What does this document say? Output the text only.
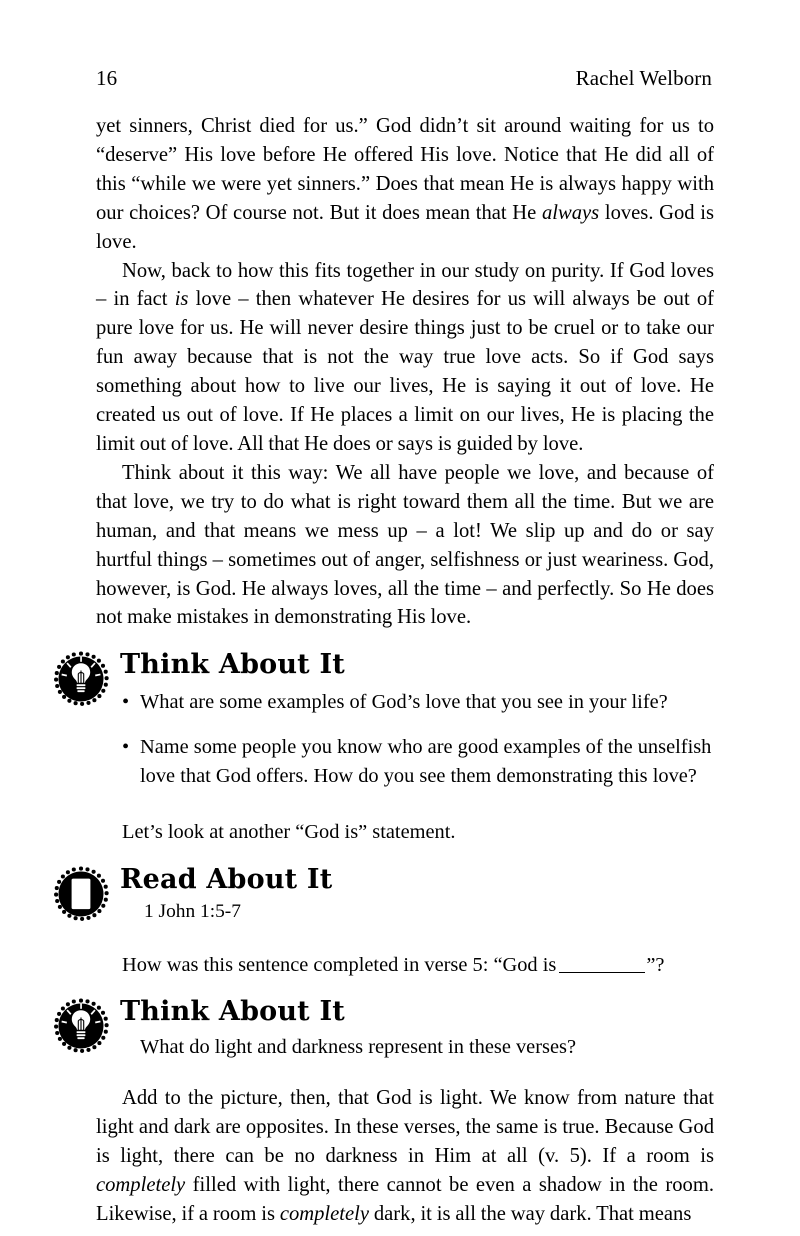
16	Rachel Welborn

yet sinners, Christ died for us.” God didn’t sit around waiting for us to “deserve” His love before He offered His love. Notice that He did all of this “while we were yet sinners.” Does that mean He is always happy with our choices? Of course not. But it does mean that He always loves. God is love.

Now, back to how this fits together in our study on purity. If God loves – in fact is love – then whatever He desires for us will always be out of pure love for us. He will never desire things just to be cruel or to take our fun away because that is not the way true love acts. So if God says something about how to live our lives, He is saying it out of love. He created us out of love. If He places a limit on our lives, He is placing the limit out of love. All that He does or says is guided by love.

Think about it this way: We all have people we love, and because of that love, we try to do what is right toward them all the time. But we are human, and that means we mess up – a lot! We slip up and do or say hurtful things – sometimes out of anger, selfishness or just weariness. God, however, is God. He always loves, all the time – and perfectly. So He does not make mistakes in demonstrating His love.

Think About It
• What are some examples of God’s love that you see in your life?
• Name some people you know who are good examples of the unselfish love that God offers. How do you see them demonstrating this love?

Let’s look at another “God is” statement.

Read About It

1 John 1:5-7

How was this sentence completed in verse 5: “God is	”?

Think About It

What do light and darkness represent in these verses?

Add to the picture, then, that God is light. We know from nature that light and dark are opposites. In these verses, the same is true. Because God is light, there can be no darkness in Him at all (v. 5). If a room is completely filled with light, there cannot be even a shadow in the room. Likewise, if a room is completely dark, it is all the way dark. That means
